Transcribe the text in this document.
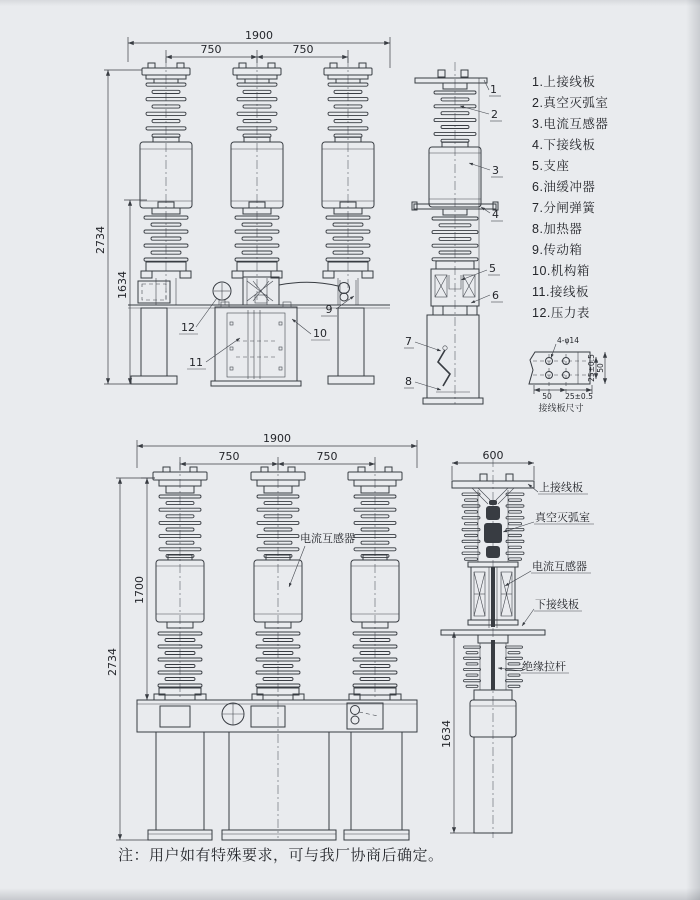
12
11
10
9
1900
750	750
2734
1634
1
2
3
4
5
6
7
8
1.上接线板
2.真空灭弧室
3.电流互感器
4.下接线板
5.支座
6.油缓冲器
7.分闸弹簧
8.加热器
9.传动箱
10.机构箱
11.接线板
12.压力表
4-φ14
50 25±0.5
25±0.5 50
接线板尺寸
电流互感器
1900
750	750
2734
1700
600
1634
上接线板
真空灭弧室
电流互感器
下接线板
绝缘拉杆
注：用户如有特殊要求，可与我厂协商后确定。
